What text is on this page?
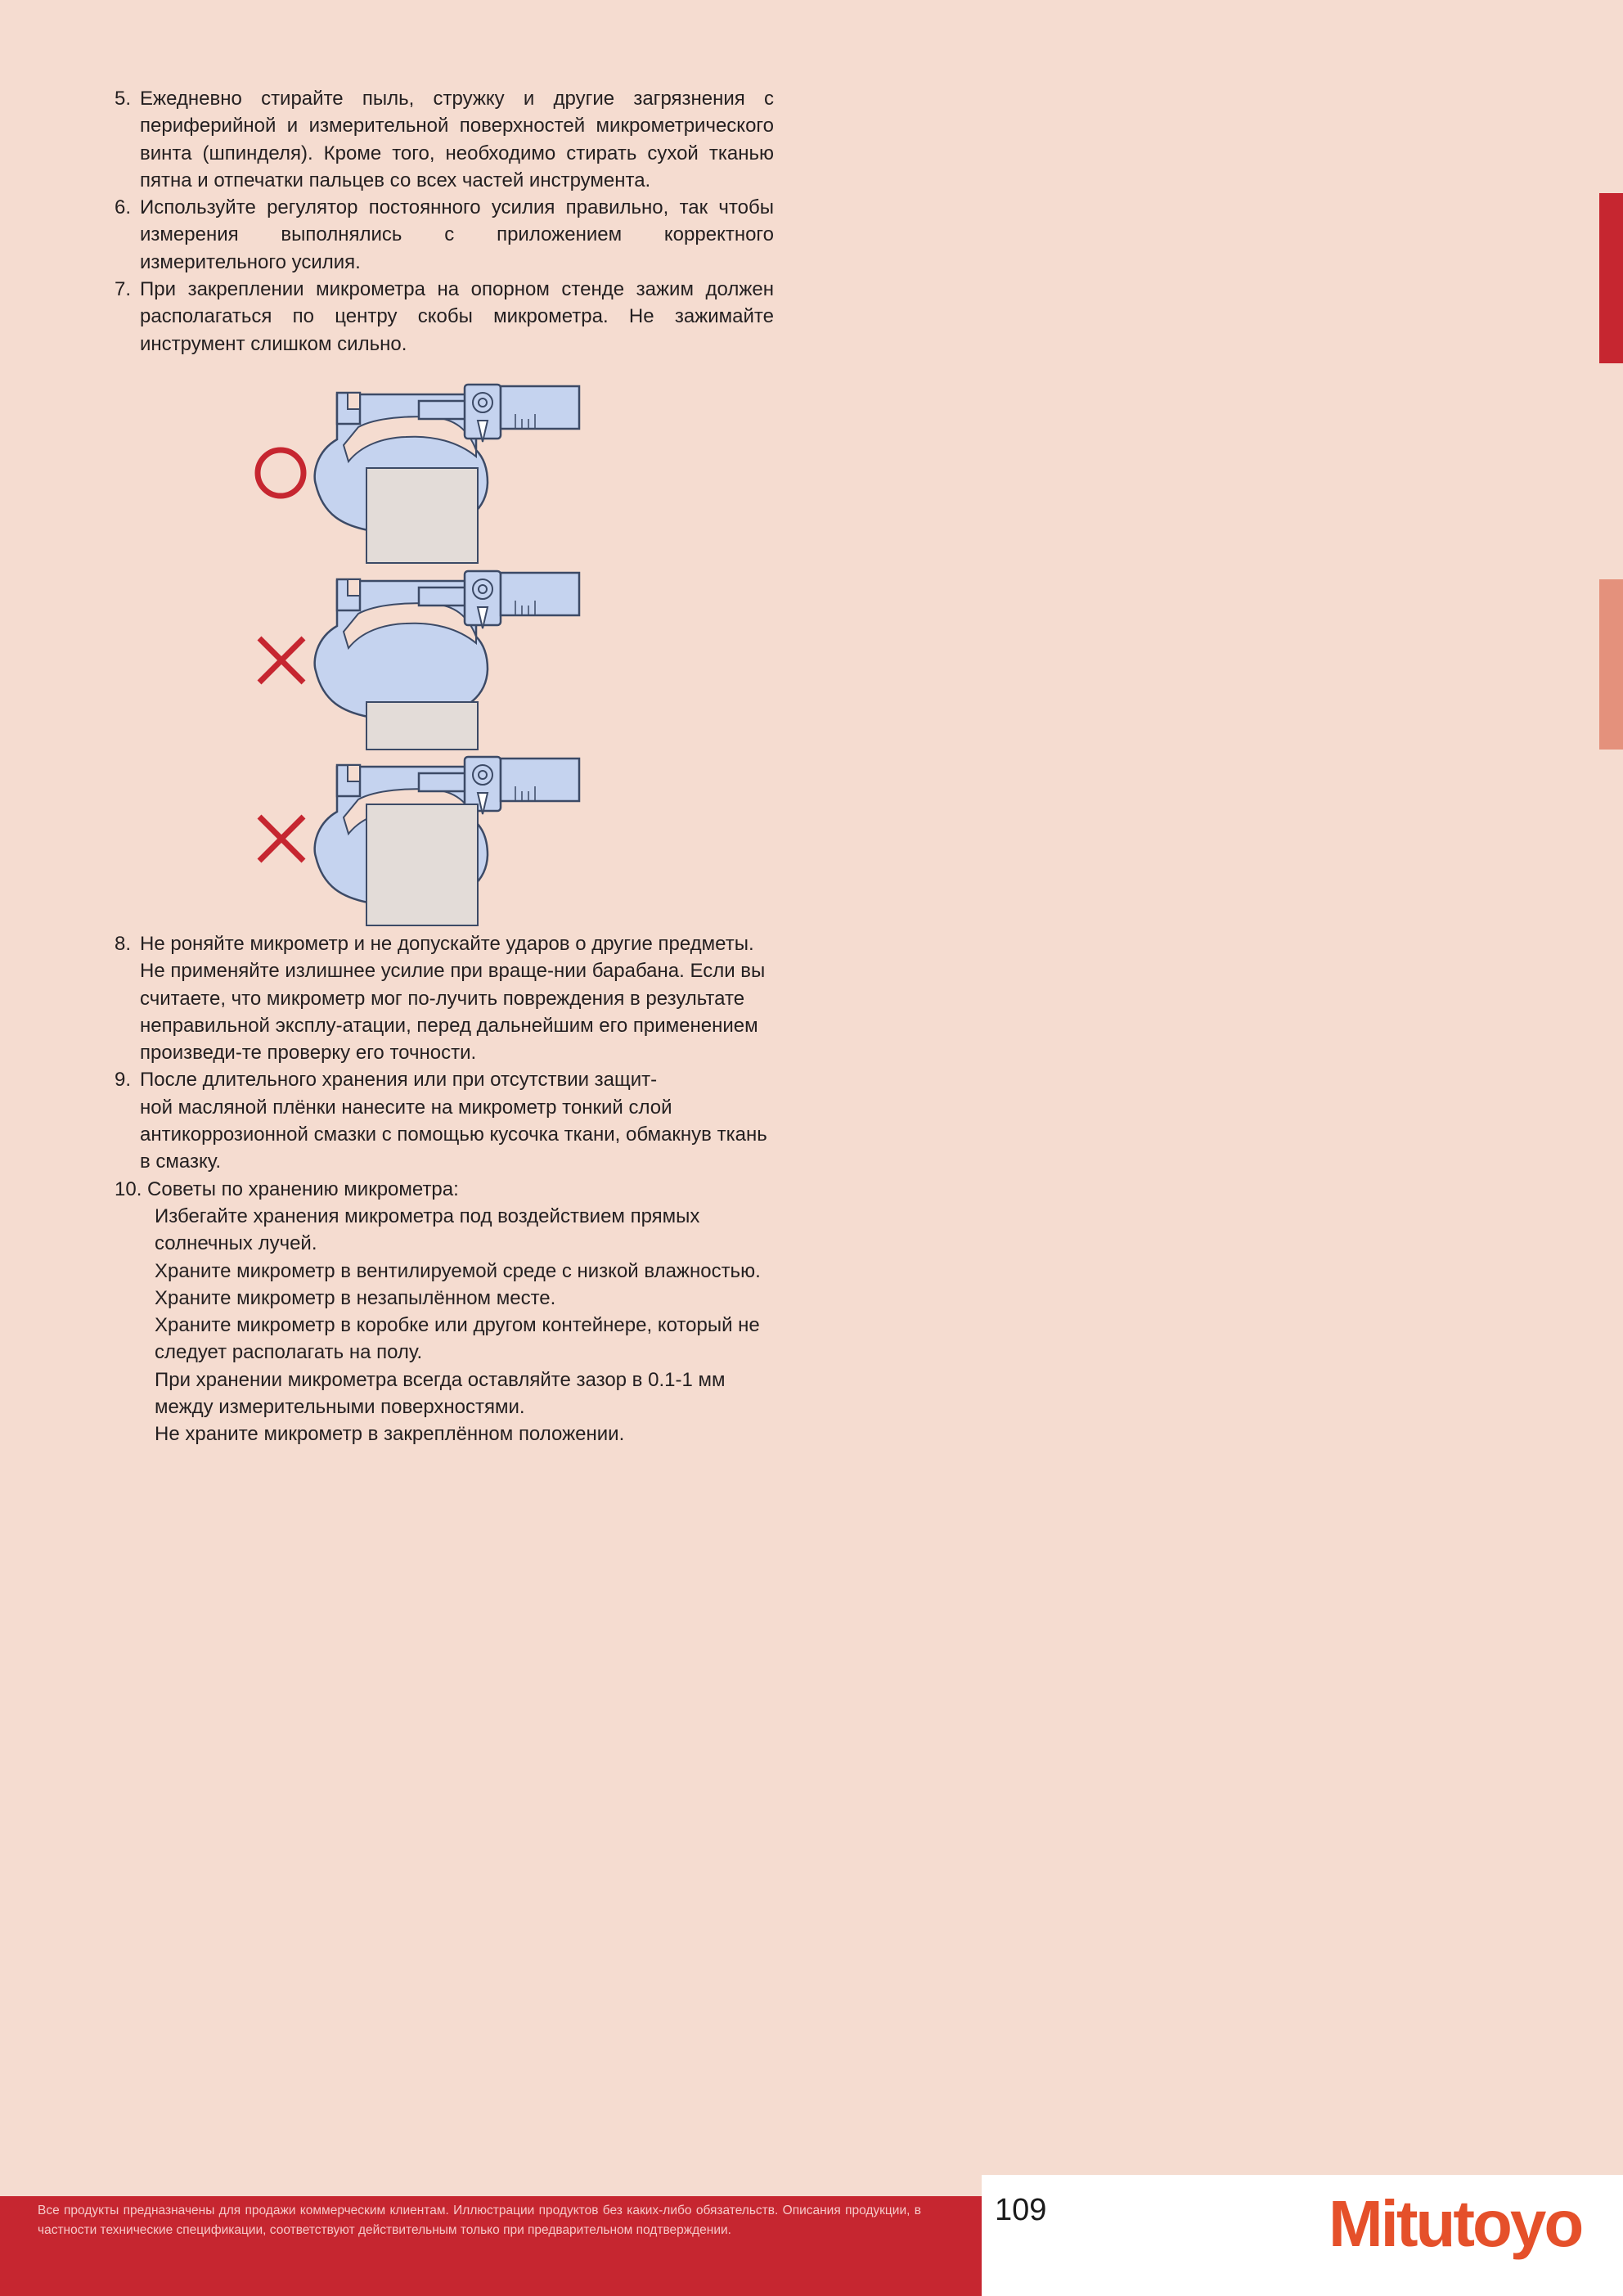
5. Ежедневно стирайте пыль, стружку и другие загрязнения с периферийной и измерительной поверхностей микрометрического винта (шпинделя). Кроме того, необходимо стирать сухой тканью пятна и отпечатки пальцев со всех частей инструмента.
6. Используйте регулятор постоянного усилия правильно, так чтобы измерения выполнялись с приложением корректного измерительного усилия.
7. При закреплении микрометра на опорном стенде зажим должен располагаться по центру скобы микрометра. Не зажимайте инструмент слишком сильно.
8. Не роняйте микрометр и не допускайте ударов о другие предметы.
Не применяйте излишнее усилие при враще-нии барабана. Если вы
считаете, что микрометр мог по-лучить повреждения в результате
неправильной эксплу-атации, перед дальнейшим его применением
произведи-те проверку его точности.
9. После длительного хранения или при отсутствии защит-
ной масляной плёнки нанесите на микрометр тонкий слой
антикоррозионной смазки с помощью кусочка ткани, обмакнув ткань
в смазку.
10. Советы по хранению микрометра:
Избегайте хранения микрометра под воздействием прямых
солнечных лучей.
Храните микрометр в вентилируемой среде с низкой влажностью.
Храните микрометр в незапылённом месте.
Храните микрометр в коробке или другом контейнере, который не
следует располагать на полу.
При хранении микрометра всегда оставляйте зазор в 0.1-1 мм
между измерительными поверхностями.
Не храните микрометр в закреплённом положении.
Все продукты предназначены для продажи коммерческим клиентам. Иллюстрации продуктов без каких-либо обязательств. Описания продукции, в частности технические спецификации, соответствуют действительным только при предварительном подтверждении.
109	Mitutoyo
